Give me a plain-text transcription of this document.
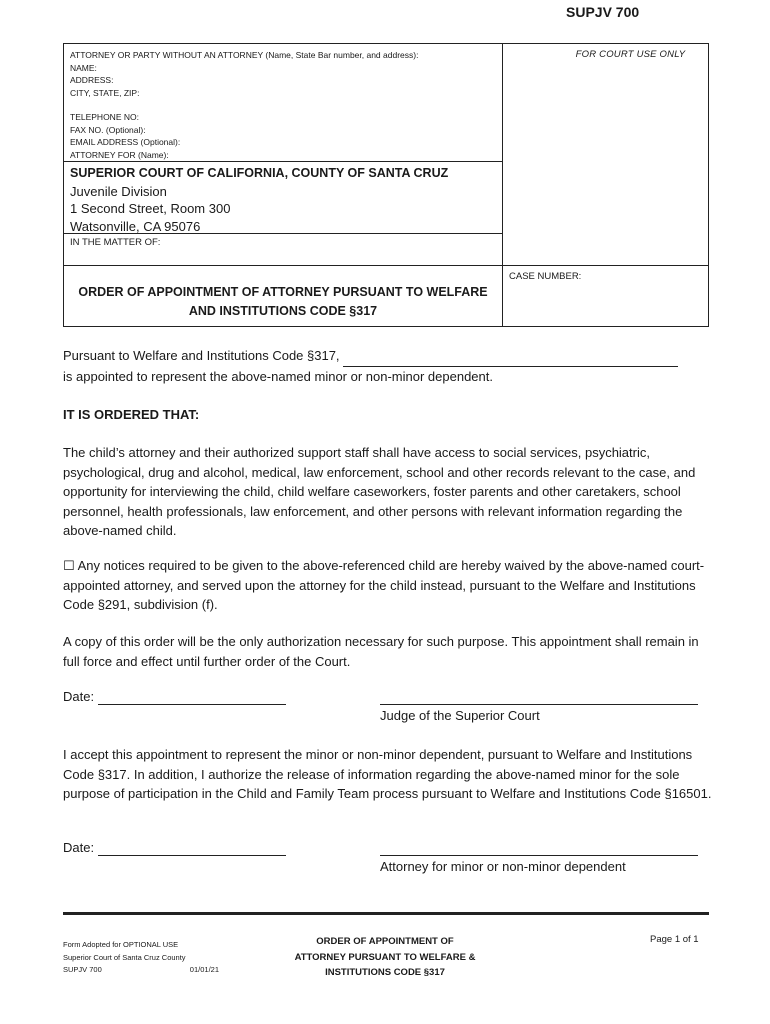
SUPJV 700
FOR COURT USE ONLY
ATTORNEY OR PARTY WITHOUT AN ATTORNEY (Name, State Bar number, and address):
NAME:
ADDRESS:
CITY, STATE, ZIP:
TELEPHONE NO:
FAX NO. (Optional):
EMAIL ADDRESS (Optional):
ATTORNEY FOR (Name):
SUPERIOR COURT OF CALIFORNIA, COUNTY OF SANTA CRUZ
Juvenile Division
1 Second Street, Room 300
Watsonville, CA 95076
IN THE MATTER OF:
ORDER OF APPOINTMENT OF ATTORNEY PURSUANT TO WELFARE AND INSTITUTIONS CODE §317
CASE NUMBER:
Pursuant to Welfare and Institutions Code §317,
is appointed to represent the above-named minor or non-minor dependent.
IT IS ORDERED THAT:
The child’s attorney and their authorized support staff shall have access to social services, psychiatric, psychological, drug and alcohol, medical, law enforcement, school and other records relevant to the case, and opportunity for interviewing the child, child welfare caseworkers, foster parents and other caretakers, school personnel, health professionals, law enforcement, and other persons with relevant information regarding the above-named child.
☐ Any notices required to be given to the above-referenced child are hereby waived by the above-named court-appointed attorney, and served upon the attorney for the child instead, pursuant to the Welfare and Institutions Code §291, subdivision (f).
A copy of this order will be the only authorization necessary for such purpose. This appointment shall remain in full force and effect until further order of the Court.
Date:
Judge of the Superior Court
I accept this appointment to represent the minor or non-minor dependent, pursuant to Welfare and Institutions Code §317. In addition, I authorize the release of information regarding the above-named minor for the sole purpose of participation in the Child and Family Team process pursuant to Welfare and Institutions Code §16501.
Date:
Attorney for minor or non-minor dependent
Form Adopted for OPTIONAL USE
Superior Court of Santa Cruz County
SUPJV 700	01/01/21
ORDER OF APPOINTMENT OF
ATTORNEY PURSUANT TO WELFARE &
INSTITUTIONS CODE §317
Page 1 of 1
